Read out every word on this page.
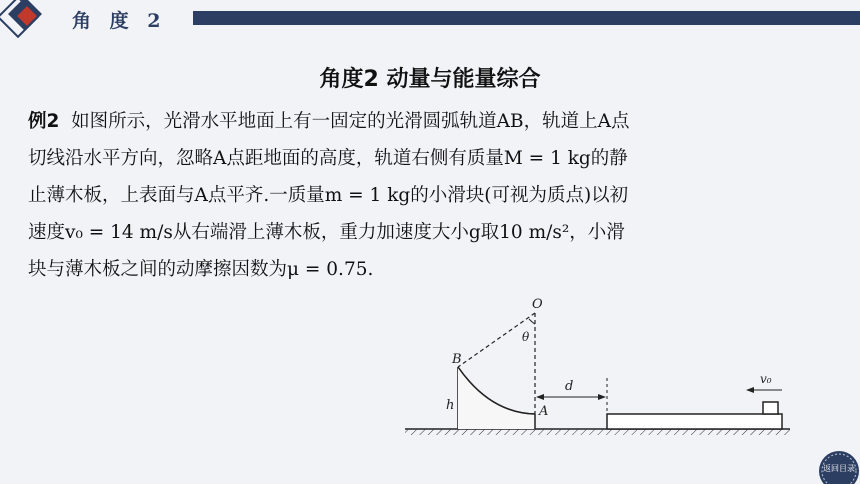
角 度 2
角度2 动量与能量综合
例2 如图所示，光滑水平地面上有一固定的光滑圆弧轨道AB，轨道上A点
切线沿水平方向，忽略A点距地面的高度，轨道右侧有质量M = 1 kg的静
止薄木板，上表面与A点平齐.一质量m = 1 kg的小滑块(可视为质点)以初
速度v₀ = 14 m/s从右端滑上薄木板，重力加速度大小g取10 m/s²，小滑
块与薄木板之间的动摩擦因数为μ = 0.75.
O
θ
B
h	A
d	v₀
返回目录
